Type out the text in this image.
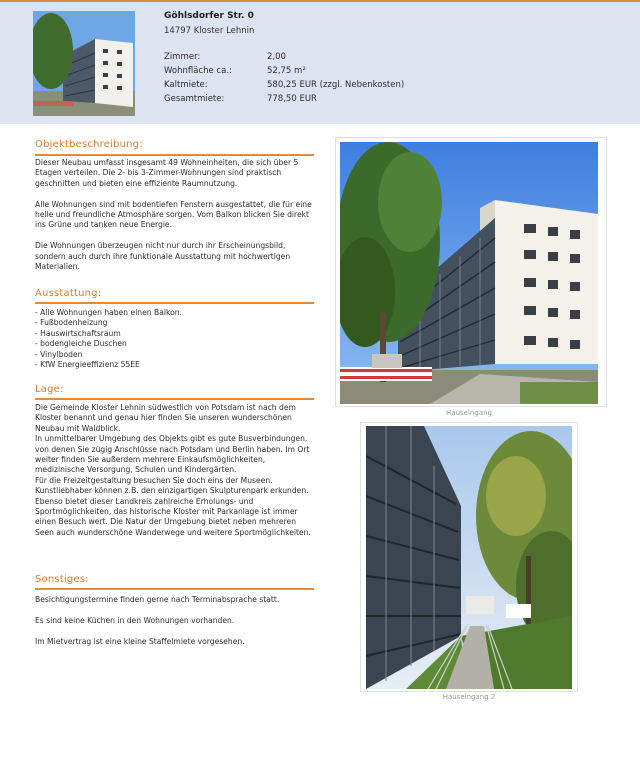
Göhlsdorfer Str. 0
14797 Kloster Lehnin
Zimmer:	2,00
Wohnfläche ca.:	52,75 m²
Kaltmiete:	580,25 EUR (zzgl. Nebenkosten)
Gesamtmiete:	778,50 EUR
Objektbeschreibung:

Dieser Neubau umfasst insgesamt 49 Wohneinheiten, die sich über 5 Etagen verteilen. Die 2- bis 3-Zimmer-Wohnungen sind praktisch geschnitten und bieten eine effiziente Raumnutzung.

Alle Wohnungen sind mit bodentiefen Fenstern ausgestattet, die für eine helle und freundliche Atmosphäre sorgen. Vom Balkon blicken Sie direkt ins Grüne und tanken neue Energie.

Die Wohnungen überzeugen nicht nur durch ihr Erscheinungsbild, sondern auch durch ihre funktionale Ausstattung mit hochwertigen Materialien.

Ausstattung:
- Alle Wohnungen haben einen Balkon.
- Fußbodenheizung
- Hauswirtschaftsraum
- bodengleiche Duschen
- Vinylboden
- KfW Energieeffizienz 55EE
Lage:
Die Gemeinde Kloster Lehnin südwestlich von Potsdam ist nach dem Kloster benannt und genau hier finden Sie unseren wunderschönen Neubau mit Waldblick.
In unmittelbarer Umgebung des Objekts gibt es gute Busverbindungen, von denen Sie zügig Anschlüsse nach Potsdam und Berlin haben. Im Ort weiter finden Sie außerdem mehrere Einkaufsmöglichkeiten, medizinische Versorgung, Schulen und Kindergärten.
Für die Freizeitgestaltung besuchen Sie doch eins der Museen. Kunstliebhaber können z.B. den einzigartigen Skulpturenpark erkunden. Ebenso bietet dieser Landkreis zahlreiche Erholungs- und Sportmöglichkeiten, das historische Kloster mit Parkanlage ist immer einen Besuch wert. Die Natur der Umgebung bietet neben mehreren Seen auch wunderschöne Wanderwege und weitere Sportmöglichkeiten.
Sonstiges:

Besichtigungstermine finden gerne nach Terminabsprache statt.

Es sind keine Küchen in den Wohnungen vorhanden.

Im Mietvertrag ist eine kleine Staffelmiete vorgesehen.

Hauseingang
Hauseingang 2
